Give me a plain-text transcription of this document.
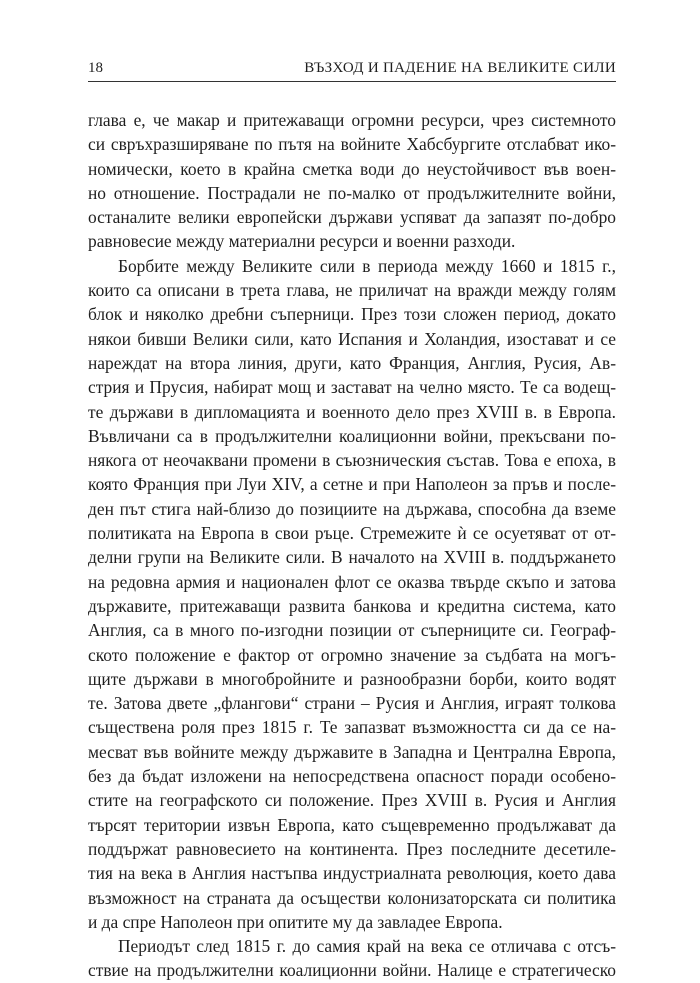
18	ВЪЗХОД И ПАДЕНИЕ НА ВЕЛИКИТЕ СИЛИ
глава е, че макар и притежаващи огромни ресурси, чрез системното
си свръхразширяване по пътя на войните Хабсбургите отслабват ико-
номически, което в крайна сметка води до неустойчивост във воен-
но отношение. Пострадали не по-малко от продължителните войни,
останалите велики европейски държави успяват да запазят по-добро
равновесие между материални ресурси и военни разходи.
Борбите между Великите сили в периода между 1660 и 1815 г.,
които са описани в трета глава, не приличат на вражди между голям
блок и няколко дребни съперници. През този сложен период, докато
някои бивши Велики сили, като Испания и Холандия, изостават и се
нареждат на втора линия, други, като Франция, Англия, Русия, Ав-
стрия и Прусия, набират мощ и застават на челно място. Те са водещ-
те държави в дипломацията и военното дело през XVIII в. в Европа.
Въвличани са в продължителни коалиционни войни, прекъсвани по-
някога от неочаквани промени в съюзническия състав. Това е епоха, в
която Франция при Луи XIV, а сетне и при Наполеон за пръв и после-
ден път стига най-близо до позициите на държава, способна да вземе
политиката на Европа в свои ръце. Стремежите ѝ се осуетяват от от-
делни групи на Великите сили. В началото на XVIII в. поддържането
на редовна армия и национален флот се оказва твърде скъпо и затова
държавите, притежаващи развита банкова и кредитна система, като
Англия, са в много по-изгодни позиции от съперниците си. Географ-
ското положение е фактор от огромно значение за съдбата на могъ-
щите държави в многобройните и разнообразни борби, които водят
те. Затова двете „флангови“ страни – Русия и Англия, играят толкова
съществена роля през 1815 г. Те запазват възможността си да се на-
месват във войните между държавите в Западна и Централна Европа,
без да бъдат изложени на непосредствена опасност поради особено-
стите на географското си положение. През XVIII в. Русия и Англия
търсят територии извън Европа, като същевременно продължават да
поддържат равновесието на континента. През последните десетиле-
тия на века в Англия настъпва индустриалната революция, което дава
възможност на страната да осъществи колонизаторската си политика
и да спре Наполеон при опитите му да завладее Европа.
Периодът след 1815 г. до самия край на века се отличава с отсъ-
ствие на продължителни коалиционни войни. Налице е стратегическо
